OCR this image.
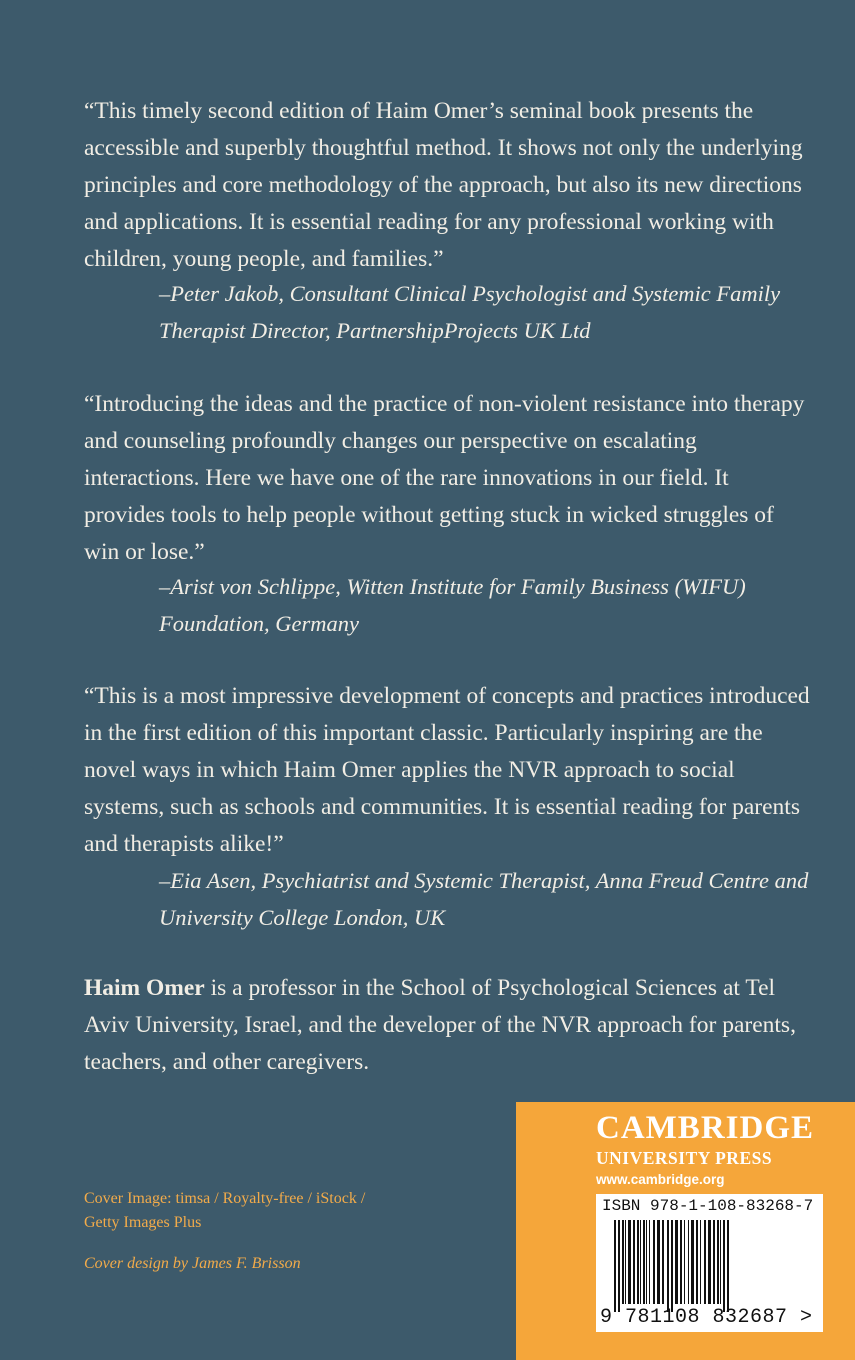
“This timely second edition of Haim Omer’s seminal book presents the accessible and superbly thoughtful method. It shows not only the underlying principles and core methodology of the approach, but also its new directions and applications. It is essential reading for any professional working with children, young people, and families.”

–Peter Jakob, Consultant Clinical Psychologist and Systemic Family Therapist Director, PartnershipProjects UK Ltd

“Introducing the ideas and the practice of non-violent resistance into therapy and counseling profoundly changes our perspective on escalating interactions. Here we have one of the rare innovations in our field. It provides tools to help people without getting stuck in wicked struggles of win or lose.”

–Arist von Schlippe, Witten Institute for Family Business (WIFU) Foundation, Germany

“This is a most impressive development of concepts and practices introduced in the first edition of this important classic. Particularly inspiring are the novel ways in which Haim Omer applies the NVR approach to social systems, such as schools and communities. It is essential reading for parents and therapists alike!”

–Eia Asen, Psychiatrist and Systemic Therapist, Anna Freud Centre and University College London, UK

Haim Omer is a professor in the School of Psychological Sciences at Tel Aviv University, Israel, and the developer of the NVR approach for parents, teachers, and other caregivers.

Cover Image: timsa / Royalty-free / iStock / Getty Images Plus
Cover design by James F. Brisson
CAMBRIDGE
UNIVERSITY PRESS
www.cambridge.org
ISBN 978-1-108-83268-7
9 781108 832687 >
